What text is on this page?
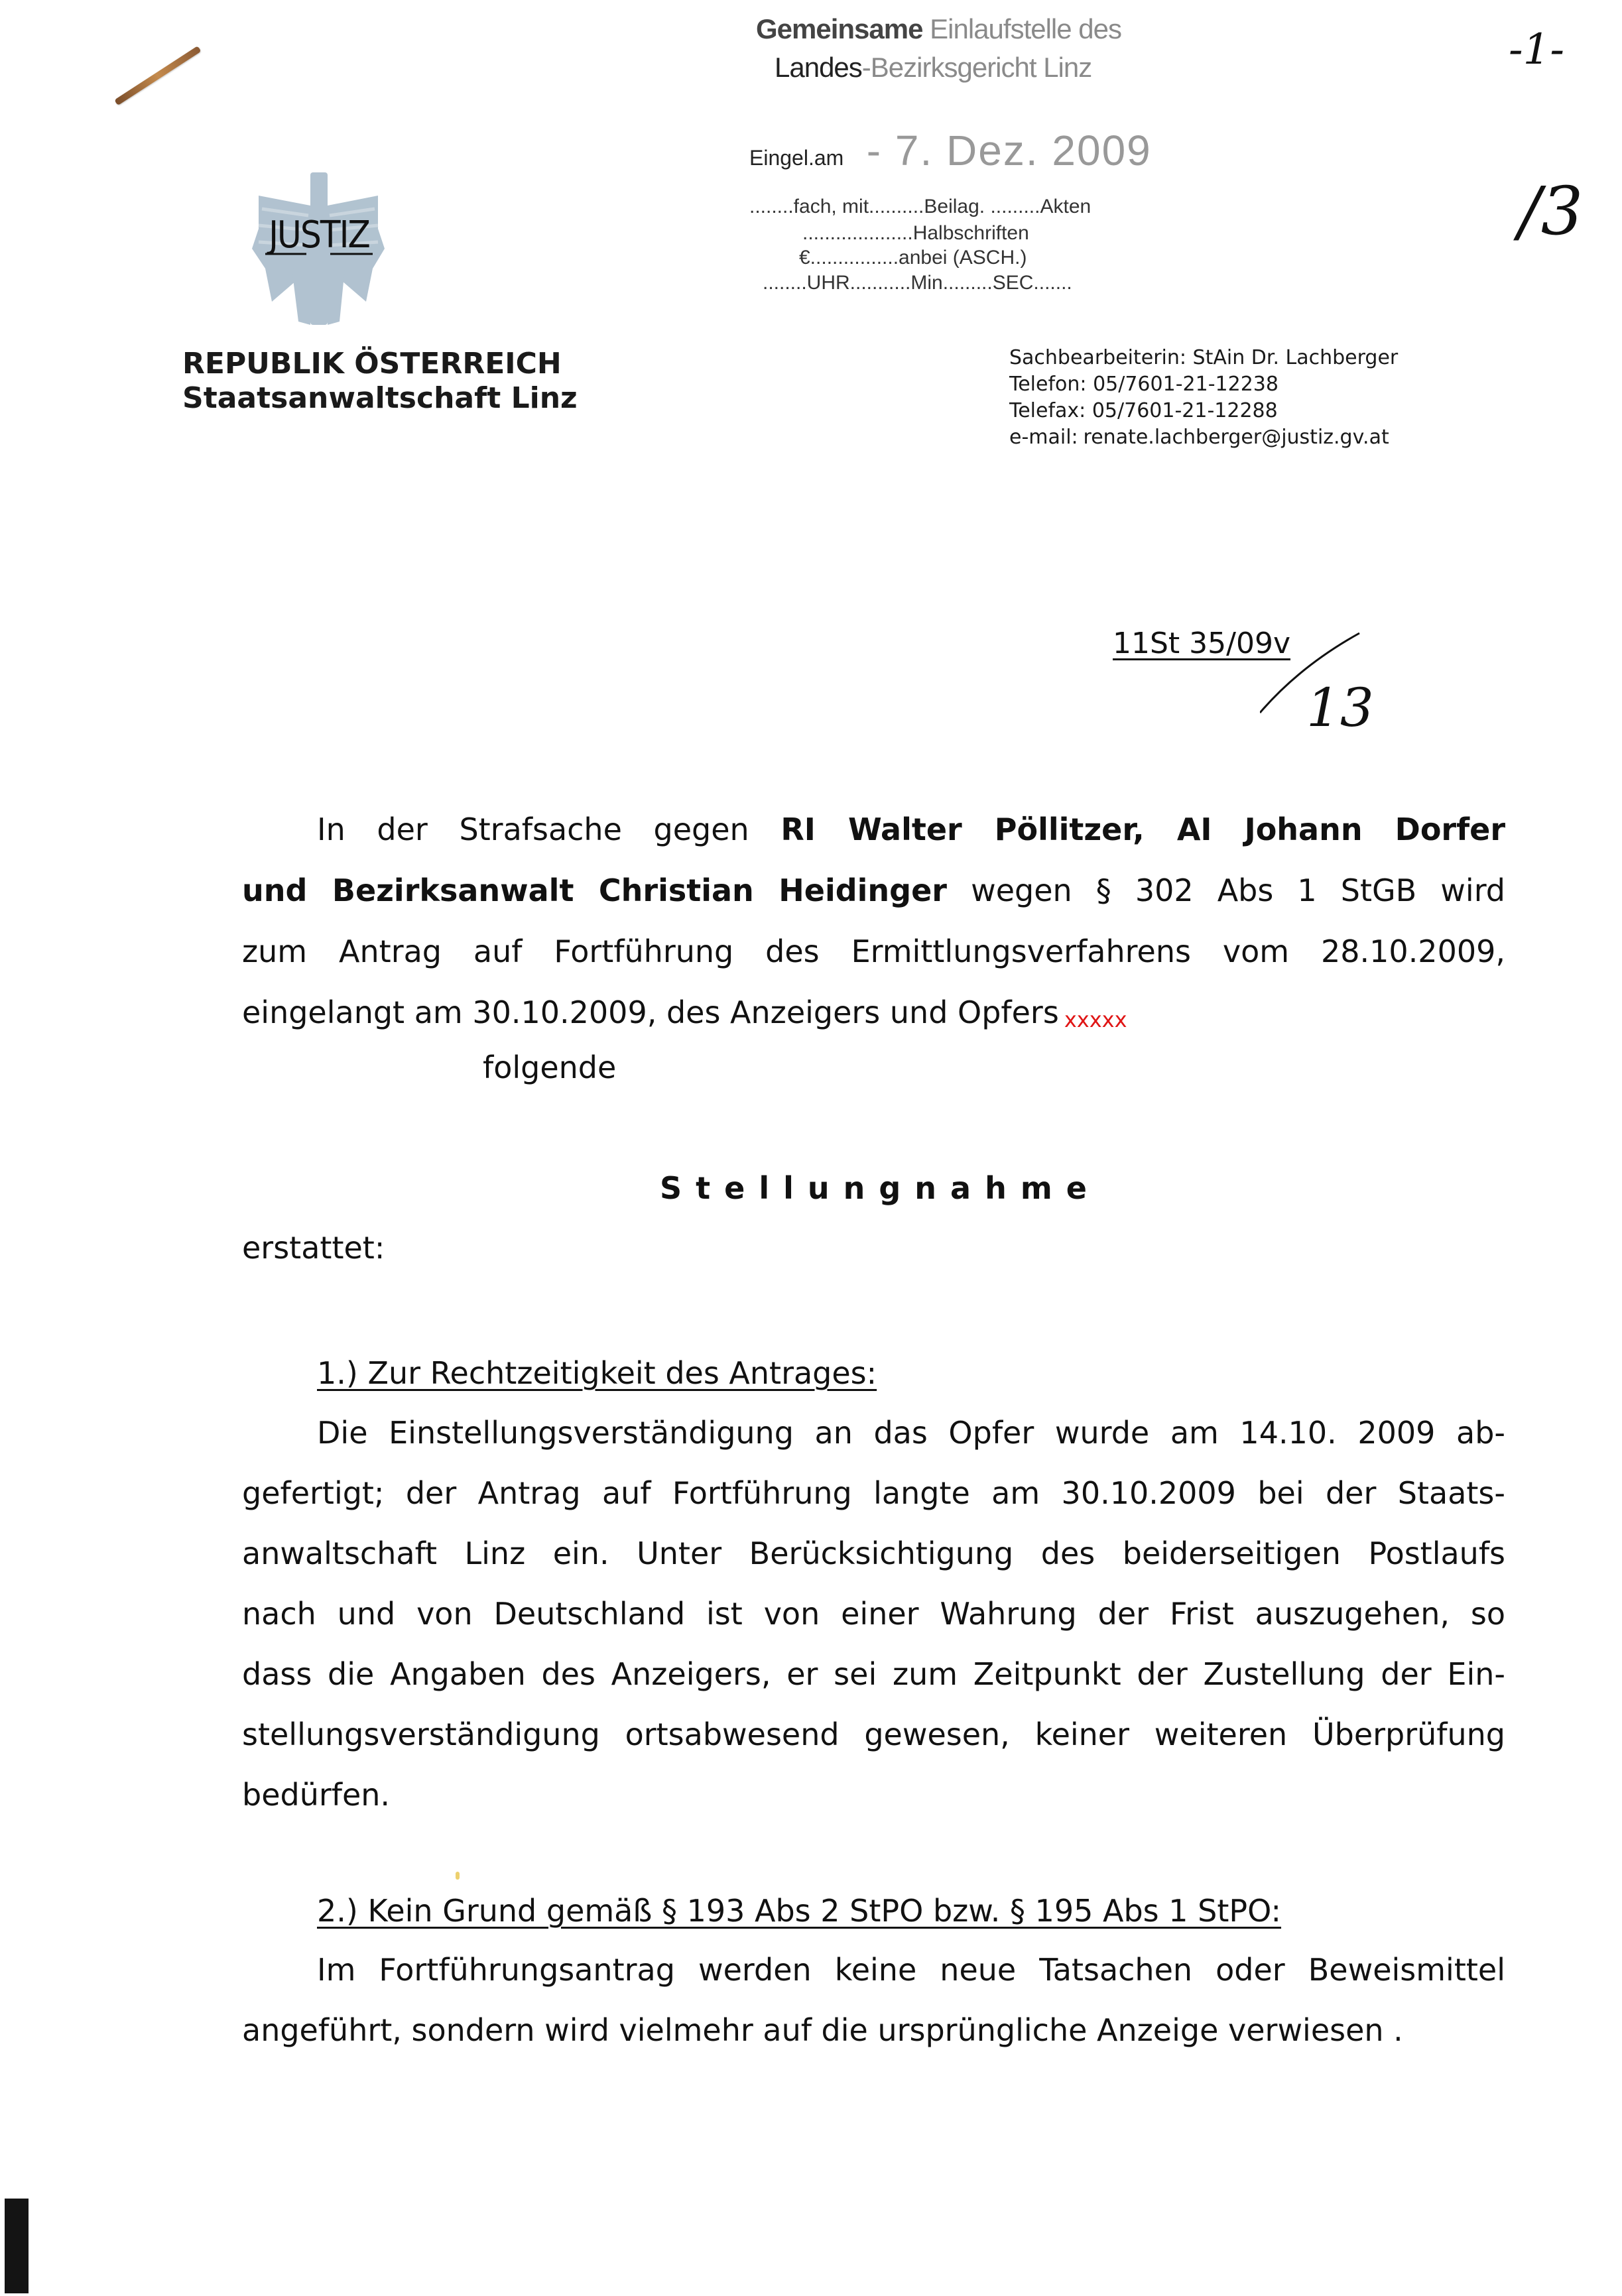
JUSTIZ
REPUBLIK ÖSTERREICH
Staatsanwaltschaft Linz
Gemeinsame Einlaufstelle des
Landes-Bezirksgericht Linz
Eingel.am - 7. Dez. 2009
........fach, mit..........Beilag. .........Akten
....................Halbschriften
€................anbei (ASCH.)
........UHR...........Min.........SEC.......
-1-
/3
Sachbearbeiterin: StAin Dr. Lachberger
Telefon: 05/7601-21-12238
Telefax: 05/7601-21-12288
e-mail: renate.lachberger@justiz.gv.at
11St 35/09v
13
In der Strafsache gegen RI Walter Pöllitzer, AI Johann Dorfer
und Bezirksanwalt Christian Heidinger wegen § 302 Abs 1 StGB wird
zum Antrag auf Fortführung des Ermittlungsverfahrens vom 28.10.2009,
eingelangt am 30.10.2009, des Anzeigers und Opfers xxxxx
folgende
Stellungnahme
erstattet:
1.) Zur Rechtzeitigkeit des Antrages:
Die Einstellungsverständigung an das Opfer wurde am 14.10. 2009 ab-
gefertigt; der Antrag auf Fortführung langte am 30.10.2009 bei der Staats-
anwaltschaft Linz ein. Unter Berücksichtigung des beiderseitigen Postlaufs
nach und von Deutschland ist von einer Wahrung der Frist auszugehen, so
dass die Angaben des Anzeigers, er sei zum Zeitpunkt der Zustellung der Ein-
stellungsverständigung ortsabwesend gewesen, keiner weiteren Überprüfung
bedürfen.
2.) Kein Grund gemäß § 193 Abs 2 StPO bzw. § 195 Abs 1 StPO:
Im Fortführungsantrag werden keine neue Tatsachen oder Beweismittel
angeführt, sondern wird vielmehr auf die ursprüngliche Anzeige verwiesen .
